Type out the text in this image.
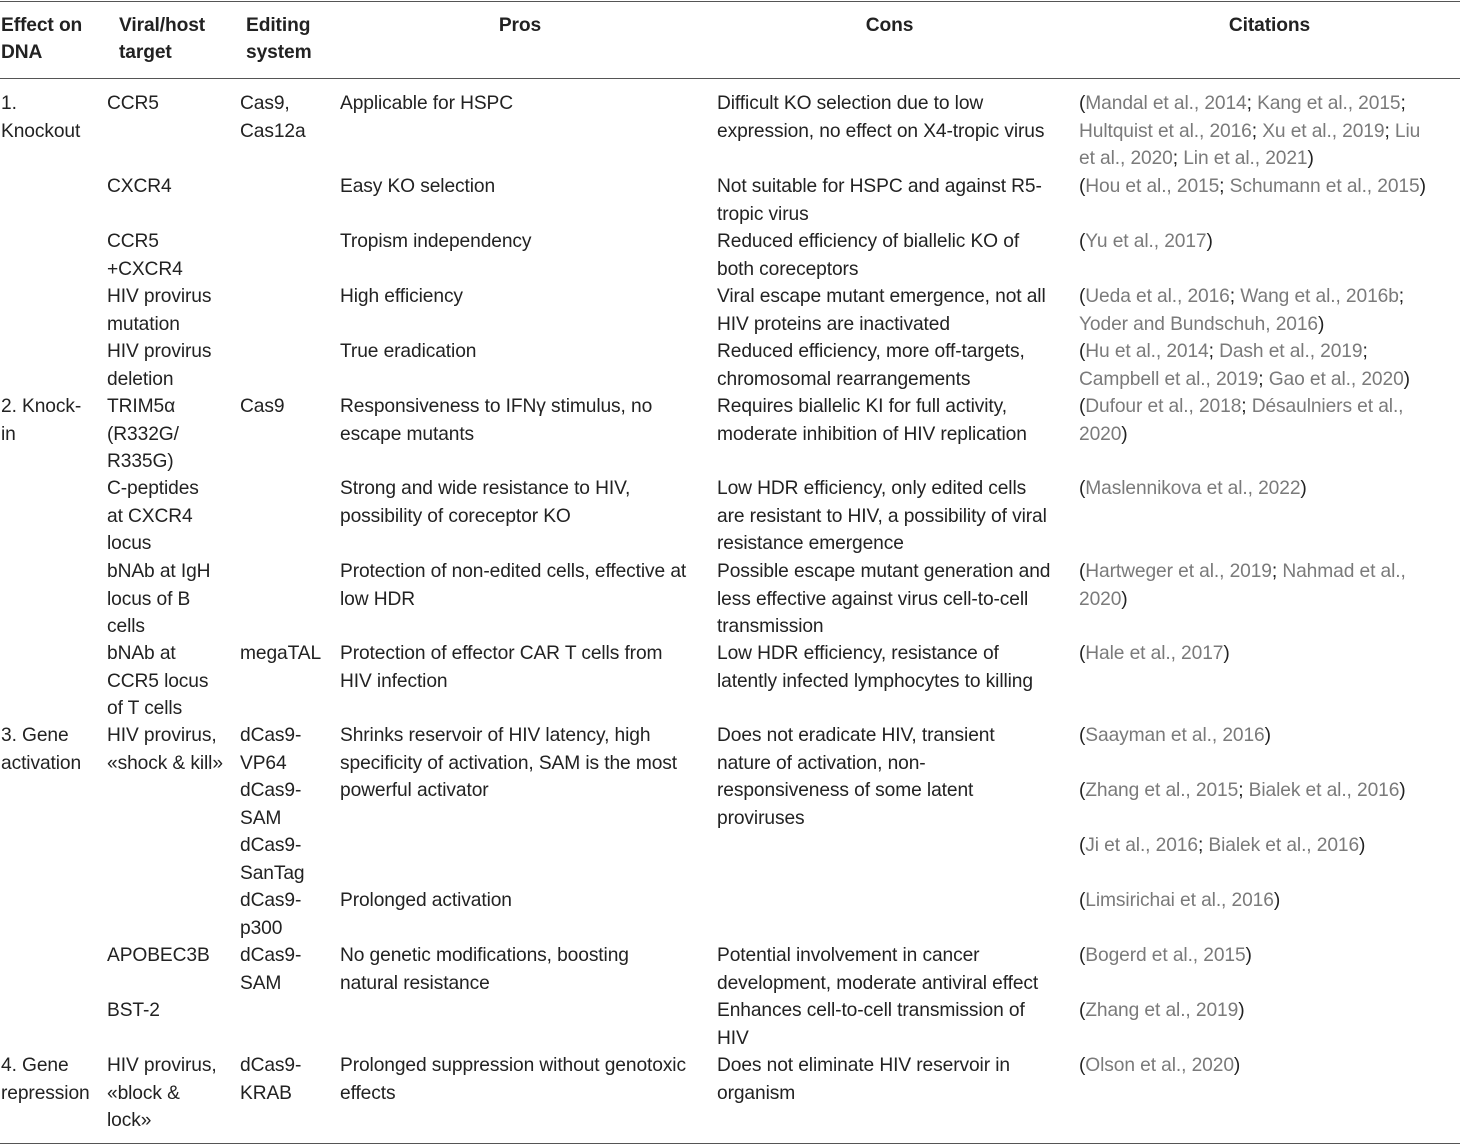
Effect on
DNA
Viral/host
target
Editing
system
Pros	Cons	Citations
1.
Knockout
2. Knock-
in
3. Gene
activation
4. Gene
repression
CCR5
CXCR4
CCR5
+CXCR4
HIV provirus
mutation
HIV provirus
deletion
TRIM5α
(R332G/
R335G)
C-peptides
at CXCR4
locus
bNAb at IgH
locus of B
cells
bNAb at
CCR5 locus
of T cells
HIV provirus,
«shock & kill»
APOBEC3B
BST-2
HIV provirus,
«block &
lock»
Cas9,
Cas12a
Cas9
megaTAL
dCas9-
VP64
dCas9-
SAM
dCas9-
SanTag
dCas9-
p300
dCas9-
SAM
dCas9-
KRAB
Applicable for HSPC
Easy KO selection
Tropism independency
High efficiency
True eradication
Responsiveness to IFNγ stimulus, no
escape mutants
Strong and wide resistance to HIV,
possibility of coreceptor KO
Protection of non-edited cells, effective at
low HDR
Protection of effector CAR T cells from
HIV infection
Shrinks reservoir of HIV latency, high
specificity of activation, SAM is the most
powerful activator
Prolonged activation
No genetic modifications, boosting
natural resistance
Prolonged suppression without genotoxic
effects
Difficult KO selection due to low
expression, no effect on X4-tropic virus
Not suitable for HSPC and against R5-
tropic virus
Reduced efficiency of biallelic KO of
both coreceptors
Viral escape mutant emergence, not all
HIV proteins are inactivated
Reduced efficiency, more off-targets,
chromosomal rearrangements
Requires biallelic KI for full activity,
moderate inhibition of HIV replication
Low HDR efficiency, only edited cells
are resistant to HIV, a possibility of viral
resistance emergence
Possible escape mutant generation and
less effective against virus cell-to-cell
transmission
Low HDR efficiency, resistance of
latently infected lymphocytes to killing
Does not eradicate HIV, transient
nature of activation, non-
responsiveness of some latent
proviruses
Potential involvement in cancer
development, moderate antiviral effect
Enhances cell-to-cell transmission of
HIV
Does not eliminate HIV reservoir in
organism
(Mandal et al., 2014; Kang et al., 2015;
Hultquist et al., 2016; Xu et al., 2019; Liu
et al., 2020; Lin et al., 2021)
(Hou et al., 2015; Schumann et al., 2015)
(Yu et al., 2017)
(Ueda et al., 2016; Wang et al., 2016b;
Yoder and Bundschuh, 2016)
(Hu et al., 2014; Dash et al., 2019;
Campbell et al., 2019; Gao et al., 2020)
(Dufour et al., 2018; Désaulniers et al.,
2020)
(Maslennikova et al., 2022)
(Hartweger et al., 2019; Nahmad et al.,
2020)
(Hale et al., 2017)
(Saayman et al., 2016)
(Zhang et al., 2015; Bialek et al., 2016)
(Ji et al., 2016; Bialek et al., 2016)
(Limsirichai et al., 2016)
(Bogerd et al., 2015)
(Zhang et al., 2019)
(Olson et al., 2020)
